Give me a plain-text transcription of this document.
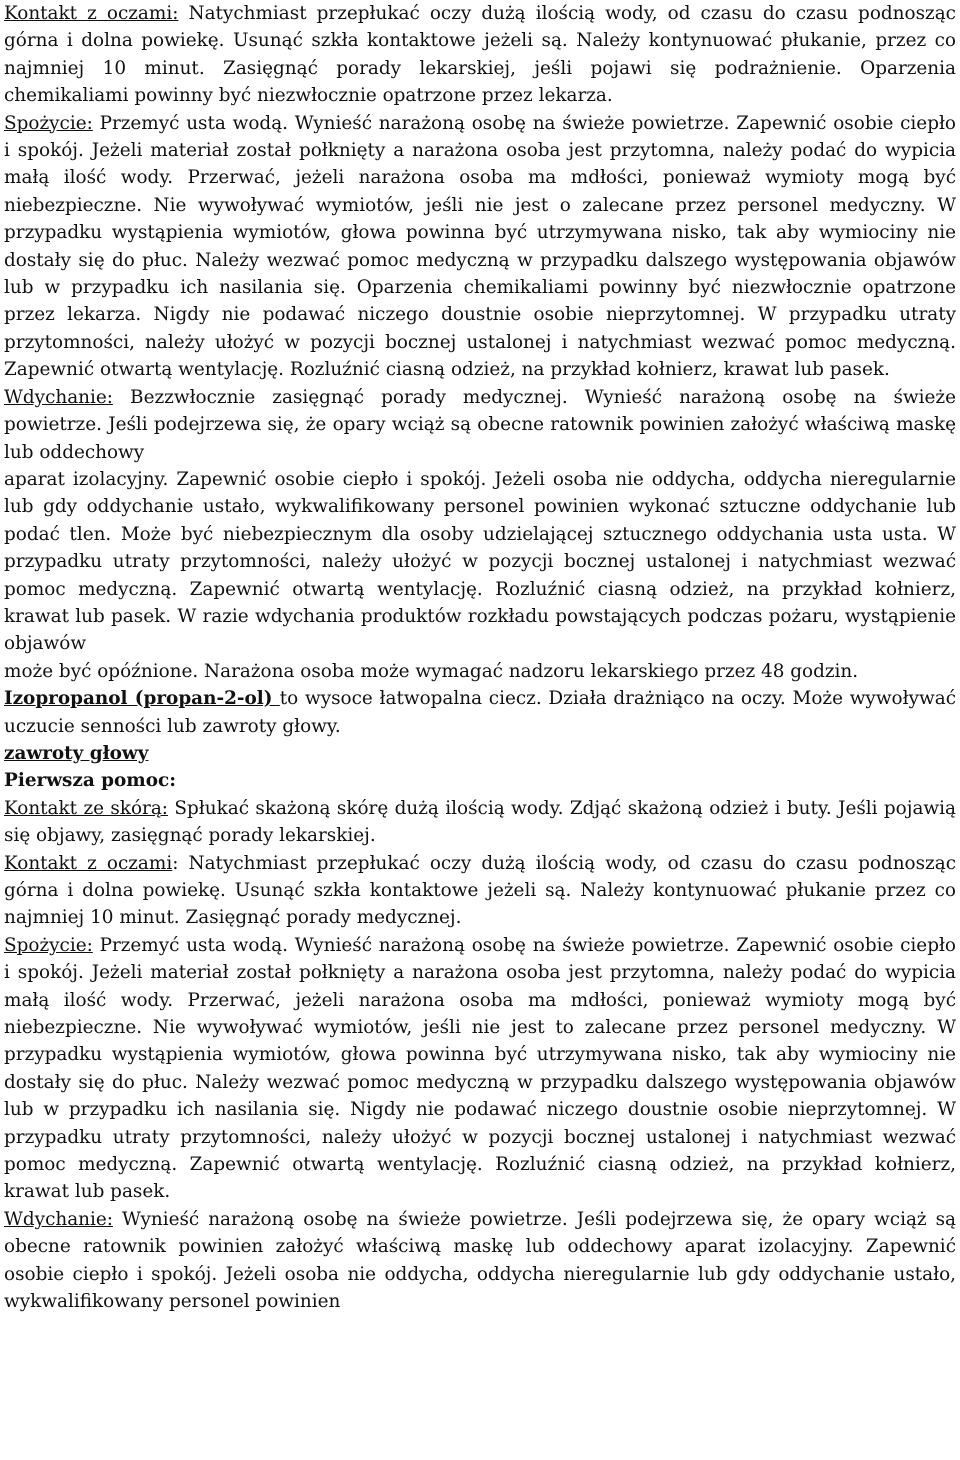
Kontakt z oczami: Natychmiast przepłukać oczy dużą ilością wody, od czasu do czasu podnosząc górna i dolna powiekę. Usunąć szkła kontaktowe jeżeli są. Należy kontynuować płukanie, przez co najmniej 10 minut. Zasięgnąć porady lekarskiej, jeśli pojawi się podrażnienie. Oparzenia chemikaliami powinny być niezwłocznie opatrzone przez lekarza.

Spożycie: Przemyć usta wodą. Wynieść narażoną osobę na świeże powietrze. Zapewnić osobie ciepło i spokój. Jeżeli materiał został połknięty a narażona osoba jest przytomna, należy podać do wypicia małą ilość wody. Przerwać, jeżeli narażona osoba ma mdłości, ponieważ wymioty mogą być niebezpieczne. Nie wywoływać wymiotów, jeśli nie jest o zalecane przez personel medyczny. W przypadku wystąpienia wymiotów, głowa powinna być utrzymywana nisko, tak aby wymiociny nie dostały się do płuc. Należy wezwać pomoc medyczną w przypadku dalszego występowania objawów lub w przypadku ich nasilania się. Oparzenia chemikaliami powinny być niezwłocznie opatrzone przez lekarza. Nigdy nie podawać niczego doustnie osobie nieprzytomnej. W przypadku utraty przytomności, należy ułożyć w pozycji bocznej ustalonej i natychmiast wezwać pomoc medyczną. Zapewnić otwartą wentylację. Rozluźnić ciasną odzież, na przykład kołnierz, krawat lub pasek.

Wdychanie: Bezzwłocznie zasięgnąć porady medycznej. Wynieść narażoną osobę na świeże powietrze. Jeśli podejrzewa się, że opary wciąż są obecne ratownik powinien założyć właściwą maskę lub oddechowy

aparat izolacyjny. Zapewnić osobie ciepło i spokój. Jeżeli osoba nie oddycha, oddycha nieregularnie lub gdy oddychanie ustało, wykwalifikowany personel powinien wykonać sztuczne oddychanie lub podać tlen. Może być niebezpiecznym dla osoby udzielającej sztucznego oddychania usta usta. W przypadku utraty przytomności, należy ułożyć w pozycji bocznej ustalonej i natychmiast wezwać pomoc medyczną. Zapewnić otwartą wentylację. Rozluźnić ciasną odzież, na przykład kołnierz, krawat lub pasek. W razie wdychania produktów rozkładu powstających podczas pożaru, wystąpienie objawów

może być opóźnione. Narażona osoba może wymagać nadzoru lekarskiego przez 48 godzin.

Izopropanol (propan-2-ol) to wysoce łatwopalna ciecz. Działa drażniąco na oczy. Może wywoływać uczucie senności lub zawroty głowy.

zawroty głowy

Pierwsza pomoc:

Kontakt ze skórą: Spłukać skażoną skórę dużą ilością wody. Zdjąć skażoną odzież i buty. Jeśli pojawią się objawy, zasięgnąć porady lekarskiej.

Kontakt z oczami: Natychmiast przepłukać oczy dużą ilością wody, od czasu do czasu podnosząc górna i dolna powiekę. Usunąć szkła kontaktowe jeżeli są. Należy kontynuować płukanie przez co najmniej 10 minut. Zasięgnąć porady medycznej.

Spożycie: Przemyć usta wodą. Wynieść narażoną osobę na świeże powietrze. Zapewnić osobie ciepło i spokój. Jeżeli materiał został połknięty a narażona osoba jest przytomna, należy podać do wypicia małą ilość wody. Przerwać, jeżeli narażona osoba ma mdłości, ponieważ wymioty mogą być niebezpieczne. Nie wywoływać wymiotów, jeśli nie jest to zalecane przez personel medyczny. W przypadku wystąpienia wymiotów, głowa powinna być utrzymywana nisko, tak aby wymiociny nie dostały się do płuc. Należy wezwać pomoc medyczną w przypadku dalszego występowania objawów lub w przypadku ich nasilania się. Nigdy nie podawać niczego doustnie osobie nieprzytomnej. W przypadku utraty przytomności, należy ułożyć w pozycji bocznej ustalonej i natychmiast wezwać pomoc medyczną. Zapewnić otwartą wentylację. Rozluźnić ciasną odzież, na przykład kołnierz, krawat lub pasek.

Wdychanie: Wynieść narażoną osobę na świeże powietrze. Jeśli podejrzewa się, że opary wciąż są obecne ratownik powinien założyć właściwą maskę lub oddechowy aparat izolacyjny. Zapewnić osobie ciepło i spokój. Jeżeli osoba nie oddycha, oddycha nieregularnie lub gdy oddychanie ustało, wykwalifikowany personel powinien
